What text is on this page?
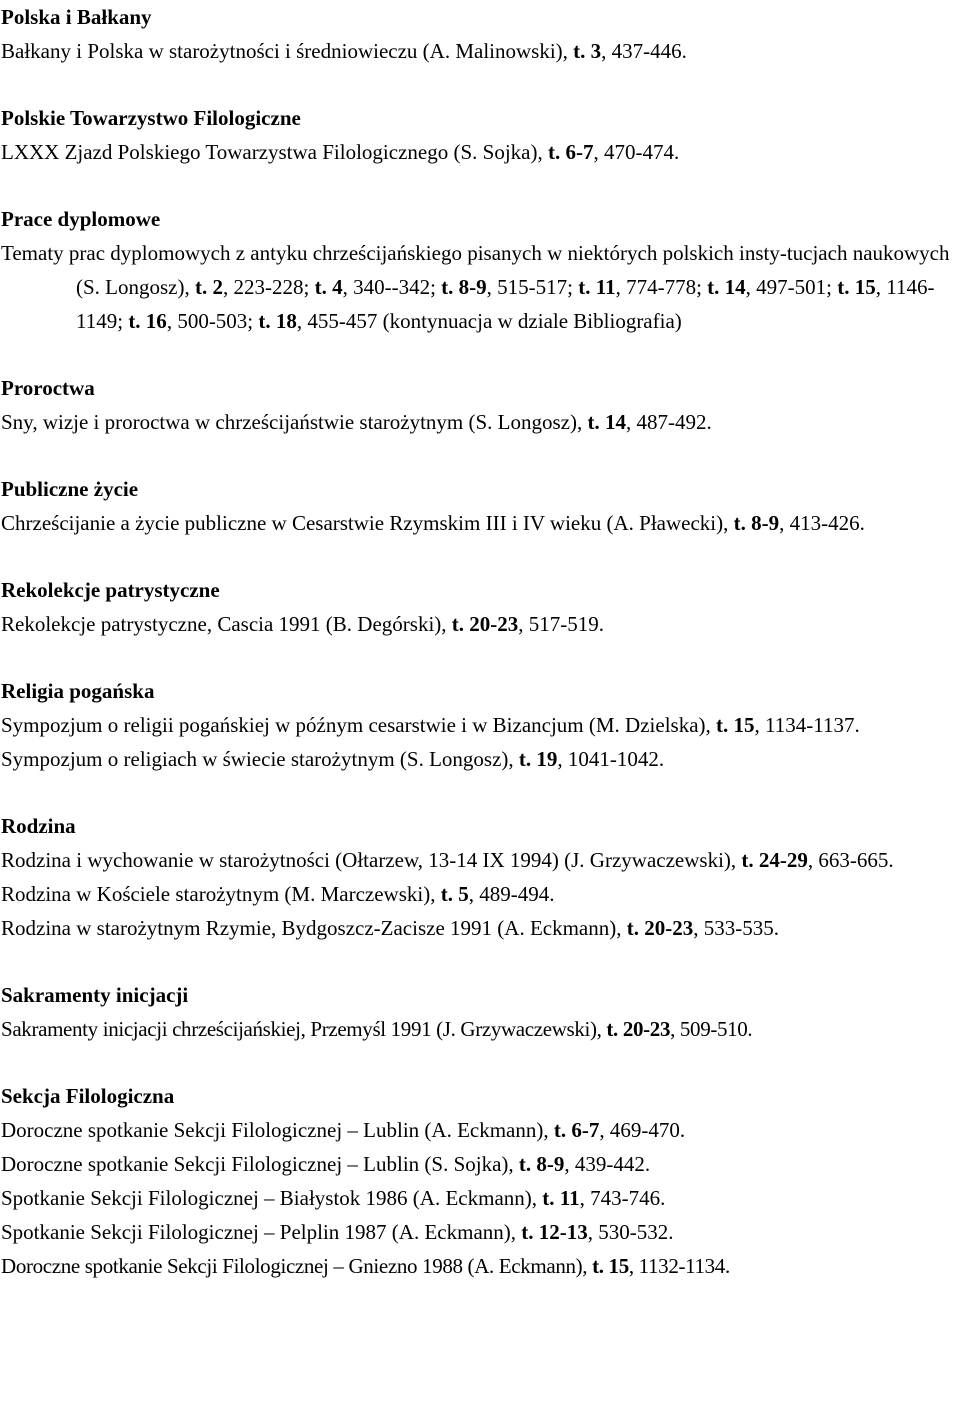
Polska i Bałkany

Bałkany i Polska w starożytności i średniowieczu (A. Malinowski), t. 3, 437-446.

Polskie Towarzystwo Filologiczne

LXXX Zjazd Polskiego Towarzystwa Filologicznego (S. Sojka), t. 6-7, 470-474.

Prace dyplomowe

Tematy prac dyplomowych z antyku chrześcijańskiego pisanych w niektórych polskich insty-tucjach naukowych (S. Longosz), t. 2, 223-228; t. 4, 340--342; t. 8-9, 515-517; t. 11, 774-778; t. 14, 497-501; t. 15, 1146-1149; t. 16, 500-503; t. 18, 455-457 (kontynuacja w dziale Bibliografia)

Proroctwa

Sny, wizje i proroctwa w chrześcijaństwie starożytnym (S. Longosz), t. 14, 487-492.

Publiczne życie

Chrześcijanie a życie publiczne w Cesarstwie Rzymskim III i IV wieku (A. Pławecki), t. 8-9, 413-426.

Rekolekcje patrystyczne

Rekolekcje patrystyczne, Cascia 1991 (B. Degórski), t. 20-23, 517-519.

Religia pogańska

Sympozjum o religii pogańskiej w późnym cesarstwie i w Bizancjum (M. Dzielska), t. 15, 1134-1137.

Sympozjum o religiach w świecie starożytnym (S. Longosz), t. 19, 1041-1042.

Rodzina

Rodzina i wychowanie w starożytności (Ołtarzew, 13-14 IX 1994) (J. Grzywaczewski), t. 24-29, 663-665.

Rodzina w Kościele starożytnym (M. Marczewski), t. 5, 489-494.

Rodzina w starożytnym Rzymie, Bydgoszcz-Zacisze 1991 (A. Eckmann), t. 20-23, 533-535.

Sakramenty inicjacji

Sakramenty inicjacji chrześcijańskiej, Przemyśl 1991 (J. Grzywaczewski), t. 20-23, 509-510.

Sekcja Filologiczna

Doroczne spotkanie Sekcji Filologicznej – Lublin (A. Eckmann), t. 6-7, 469-470.

Doroczne spotkanie Sekcji Filologicznej – Lublin (S. Sojka), t. 8-9, 439-442.

Spotkanie Sekcji Filologicznej – Białystok 1986 (A. Eckmann), t. 11, 743-746.

Spotkanie Sekcji Filologicznej – Pelplin 1987 (A. Eckmann), t. 12-13, 530-532.

Doroczne spotkanie Sekcji Filologicznej – Gniezno 1988 (A. Eckmann), t. 15, 1132-1134.
